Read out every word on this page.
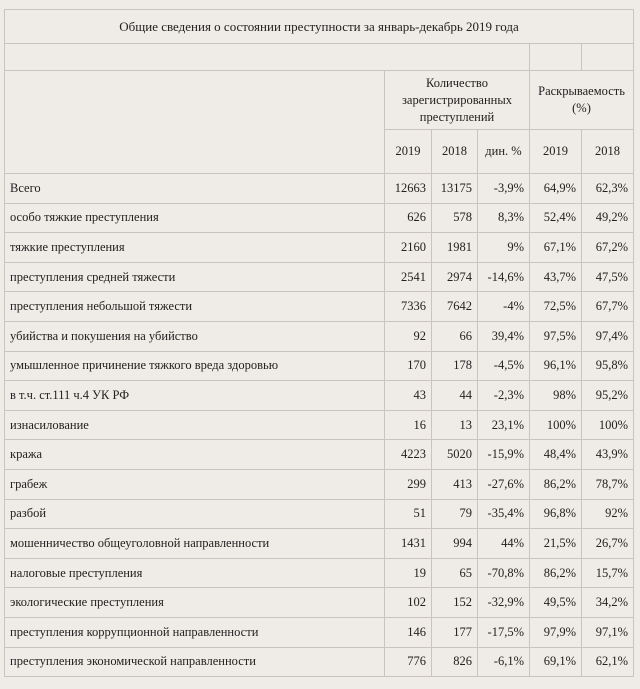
Общие сведения о состоянии преступности за январь-декабрь 2019 года					

	Количество зарегистрированных преступлений			Раскрываемость (%)	
	2019	2018	дин. %	2019	2018
Всего	12663	13175	-3,9%	64,9%	62,3%
особо тяжкие преступления	626	578	8,3%	52,4%	49,2%
тяжкие преступления	2160	1981	9%	67,1%	67,2%
преступления средней тяжести	2541	2974	-14,6%	43,7%	47,5%
преступления небольшой тяжести	7336	7642	-4%	72,5%	67,7%
убийства и покушения на убийство	92	66	39,4%	97,5%	97,4%
умышленное причинение тяжкого вреда здоровью	170	178	-4,5%	96,1%	95,8%
в т.ч. ст.111 ч.4 УК РФ	43	44	-2,3%	98%	95,2%
изнасилование	16	13	23,1%	100%	100%
кража	4223	5020	-15,9%	48,4%	43,9%
грабеж	299	413	-27,6%	86,2%	78,7%
разбой	51	79	-35,4%	96,8%	92%
мошенничество общеуголовной направленности	1431	994	44%	21,5%	26,7%
налоговые преступления	19	65	-70,8%	86,2%	15,7%
экологические преступления	102	152	-32,9%	49,5%	34,2%
преступления коррупционной направленности	146	177	-17,5%	97,9%	97,1%
преступления экономической направленности	776	826	-6,1%	69,1%	62,1%
